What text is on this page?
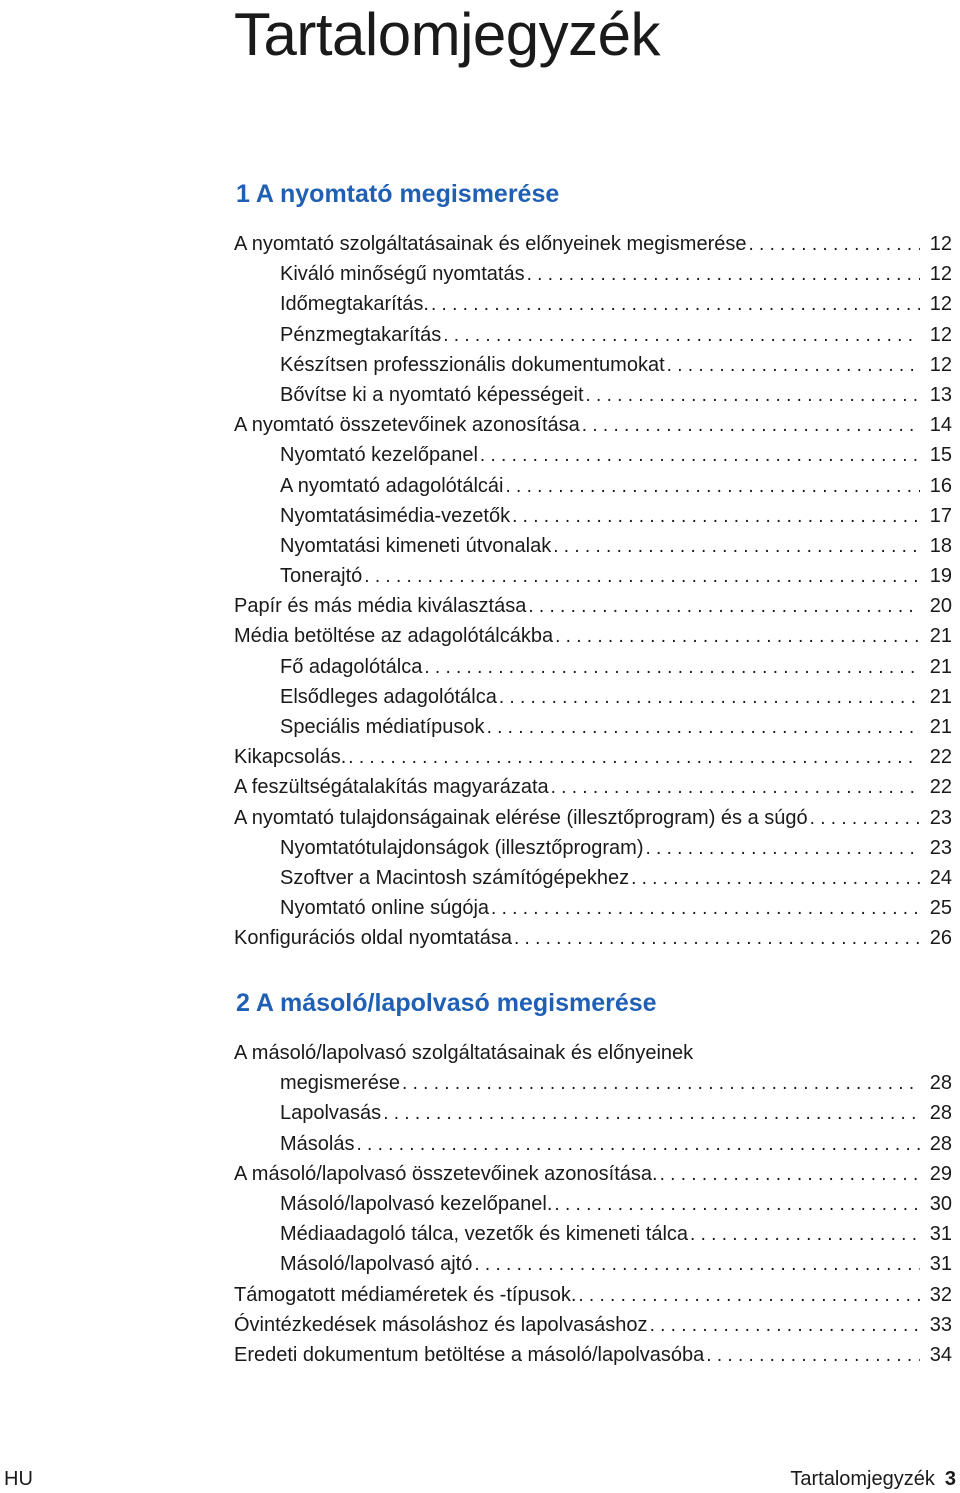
Tartalomjegyzék
1 A nyomtató megismerése
A nyomtató szolgáltatásainak és előnyeinek megismerése . . .	12
Kiváló minőségű nyomtatás . . .	12
Időmegtakarítás. . . .	12
Pénzmegtakarítás . . .	12
Készítsen professzionális dokumentumokat . . .	12
Bővítse ki a nyomtató képességeit . . .	13
A nyomtató összetevőinek azonosítása . . .	14
Nyomtató kezelőpanel . . .	15
A nyomtató adagolótálcái . . .	16
Nyomtatásimédia-vezetők . . .	17
Nyomtatási kimeneti útvonalak . . .	18
Tonerajtó . . .	19
Papír és más média kiválasztása . . .	20
Média betöltése az adagolótálcákba . . .	21
Fő adagolótálca . . .	21
Elsődleges adagolótálca . . .	21
Speciális médiatípusok . . .	21
Kikapcsolás. . . .	22
A feszültségátalakítás magyarázata . . .	22
A nyomtató tulajdonságainak elérése (illesztőprogram) és a súgó . . .	23
Nyomtatótulajdonságok (illesztőprogram) . . .	23
Szoftver a Macintosh számítógépekhez . . .	24
Nyomtató online súgója . . .	25
Konfigurációs oldal nyomtatása . . .	26
2 A másoló/lapolvasó megismerése
A másoló/lapolvasó szolgáltatásainak és előnyeinek
megismerése . . .	28
Lapolvasás . . .	28
Másolás . . .	28
A másoló/lapolvasó összetevőinek azonosítása. . . .	29
Másoló/lapolvasó kezelőpanel. . . .	30
Médiaadagoló tálca, vezetők és kimeneti tálca . . .	31
Másoló/lapolvasó ajtó . . .	31
Támogatott médiaméretek és -típusok. . . .	32
Óvintézkedések másoláshoz és lapolvasáshoz . . .	33
Eredeti dokumentum betöltése a másoló/lapolvasóba . . .	34
HU	Tartalomjegyzék 3
